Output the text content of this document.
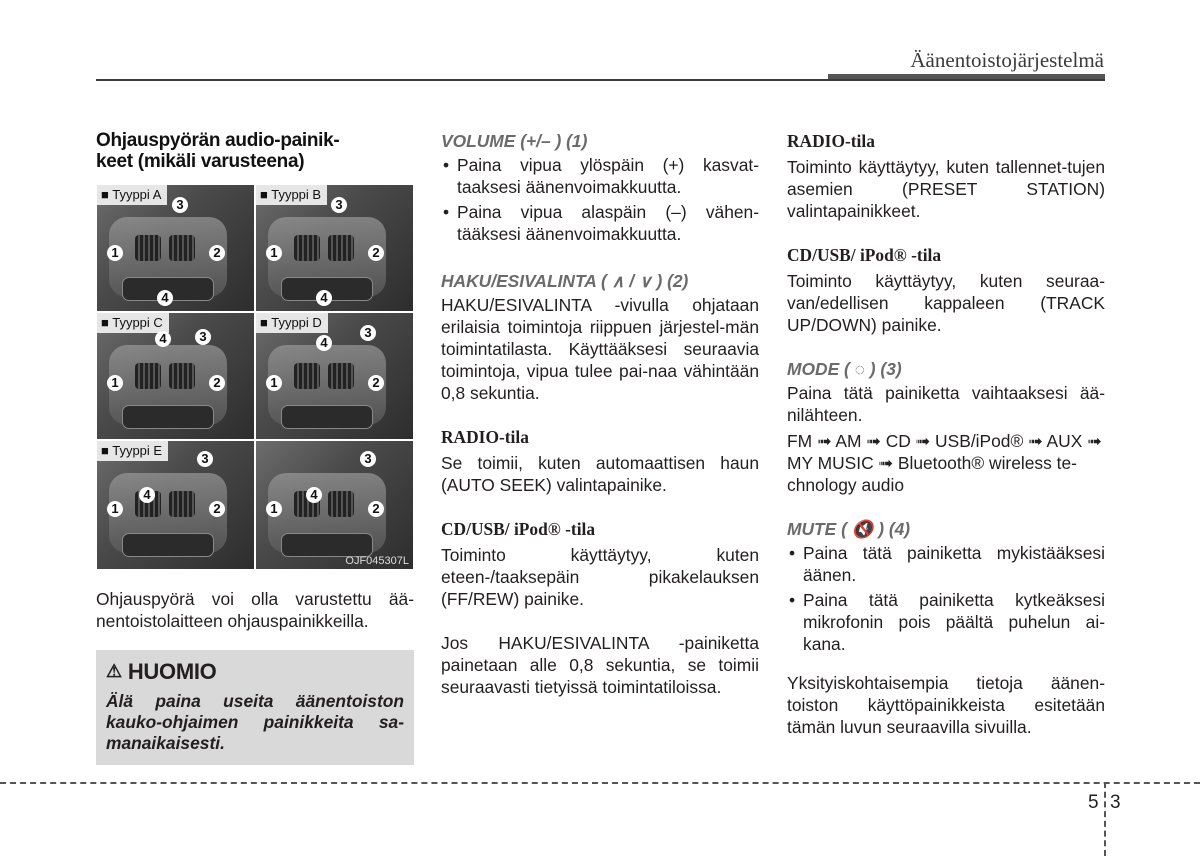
Äänentoistojärjestelmä
Ohjauspyörän audio-painik-
keet (mikäli varusteena)
■ Tyyppi A
3
1	2
4
■ Tyyppi B
3
1	2
4
■ Tyyppi C
3
4
1	2
■ Tyyppi D
3
4
1	2
■ Tyyppi E
3
4
1	2
3
4
1	2
OJF045307L

Ohjauspyörä voi olla varustettu ää-nentoistolaitteen ohjauspainikkeilla.

⚠ HUOMIO
Älä paina useita äänentoiston kauko-ohjaimen painikkeita sa-manaikaisesti.
VOLUME (+/– ) (1)
• Paina vipua ylöspäin (+) kasvat-taaksesi äänenvoimakkuutta.
• Paina vipua alaspäin (–) vähen-tääksesi äänenvoimakkuutta.
HAKU/ESIVALINTA ( ∧ / ∨ ) (2)

HAKU/ESIVALINTA -vivulla ohjataan erilaisia toimintoja riippuen järjestel-män toimintatilasta. Käyttääksesi seuraavia toimintoja, vipua tulee pai-naa vähintään 0,8 sekuntia.

RADIO-tila

Se toimii, kuten automaattisen haun (AUTO SEEK) valintapainike.

CD/USB/ iPod® -tila

Toiminto käyttäytyy, kuten eteen-/taaksepäin pikakelauksen (FF/REW) painike.

Jos HAKU/ESIVALINTA -painiketta painetaan alle 0,8 sekuntia, se toimii seuraavasti tietyissä toimintatiloissa.

RADIO-tila

Toiminto käyttäytyy, kuten tallennet-tujen asemien (PRESET STATION) valintapainikkeet.

CD/USB/ iPod® -tila

Toiminto käyttäytyy, kuten seuraa-van/edellisen kappaleen (TRACK UP/DOWN) painike.

MODE ( ◌ ) (3)

Paina tätä painiketta vaihtaaksesi ää-nilähteen.

FM ➟ AM ➟ CD ➟ USB/iPod® ➟ AUX ➟ MY MUSIC ➟ Bluetooth® wireless te-chnology audio

MUTE ( 🔇 ) (4)
• Paina tätä painiketta mykistääksesi äänen.
• Paina tätä painiketta kytkeäksesi mikrofonin pois päältä puhelun ai-kana.

Yksityiskohtaisempia tietoja äänen-toiston käyttöpainikkeista esitetään tämän luvun seuraavilla sivuilla.

5 3
